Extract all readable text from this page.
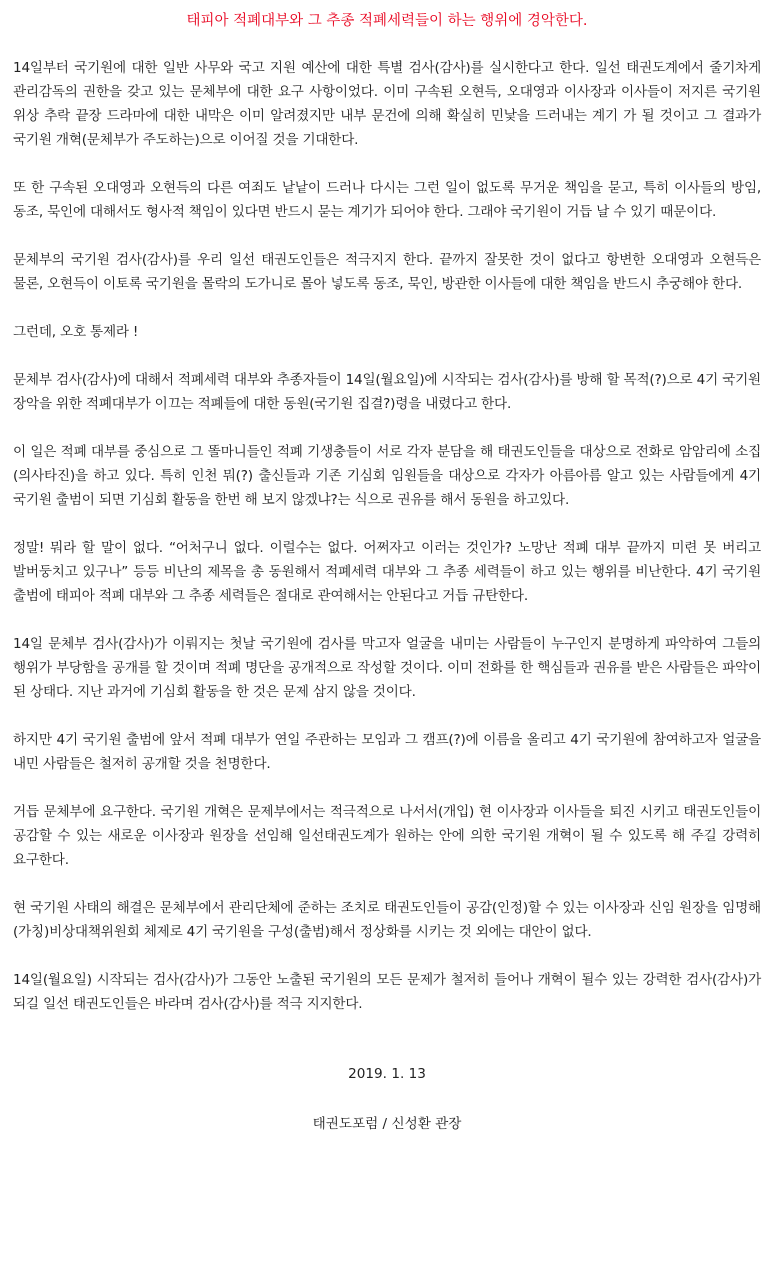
태피아 적폐대부와 그 추종 적폐세력들이 하는 행위에 경악한다.

14일부터 국기원에 대한 일반 사무와 국고 지원 예산에 대한 특별 검사(감사)를 실시한다고 한다. 일선 태권도계에서 줄기차게 관리감독의 권한을 갖고 있는 문체부에 대한 요구 사항이었다. 이미 구속된 오현득, 오대영과 이사장과 이사들이 저지른 국기원 위상 추락 끝장 드라마에 대한 내막은 이미 알려졌지만 내부 문건에 의해 확실히 민낯을 드러내는 계기 가 될 것이고 그 결과가 국기원 개혁(문체부가 주도하는)으로 이어질 것을 기대한다.

또 한 구속된 오대영과 오현득의 다른 여죄도 낱낱이 드러나 다시는 그런 일이 없도록 무거운 책임을 묻고, 특히 이사들의 방임, 동조, 묵인에 대해서도 형사적 책임이 있다면 반드시 묻는 계기가 되어야 한다. 그래야 국기원이 거듭 날 수 있기 때문이다.

문체부의 국기원 검사(감사)를 우리 일선 태권도인들은 적극지지 한다. 끝까지 잘못한 것이 없다고 항변한 오대영과 오현득은 물론, 오현득이 이토록 국기원을 몰락의 도가니로 몰아 넣도록 동조, 묵인, 방관한 이사들에 대한 책임을 반드시 추궁해야 한다.

그런데, 오호 통제라 !

문체부 검사(감사)에 대해서 적폐세력 대부와 추종자들이 14일(월요일)에 시작되는 검사(감사)를 방해 할 목적(?)으로 4기 국기원 장악을 위한 적폐대부가 이끄는 적폐들에 대한 동원(국기원 집결?)령을 내렸다고 한다.

이 일은 적폐 대부를 중심으로 그 똘마니들인 적폐 기생충들이 서로 각자 분담을 해 태권도인들을 대상으로 전화로 암암리에 소집(의사타진)을 하고 있다. 특히 인천 뭐(?) 출신들과 기존 기심회 임원들을 대상으로 각자가 아름아름 알고 있는 사람들에게 4기 국기원 출범이 되면 기심회 활동을 한번 해 보지 않겠냐?는 식으로 권유를 해서 동원을 하고있다.

정말! 뭐라 할 말이 없다. “어처구니 없다. 이럴수는 없다. 어쩌자고 이러는 것인가? 노망난 적폐 대부 끝까지 미련 못 버리고 발버둥치고 있구나” 등등 비난의 제목을 총 동원해서 적폐세력 대부와 그 추종 세력들이 하고 있는 행위를 비난한다. 4기 국기원 출범에 태피아 적폐 대부와 그 추종 세력들은 절대로 관여해서는 안된다고 거듭 규탄한다.

14일 문체부 검사(감사)가 이뤄지는 첫날 국기원에 검사를 막고자 얼굴을 내미는 사람들이 누구인지 분명하게 파악하여 그들의 행위가 부당함을 공개를 할 것이며 적폐 명단을 공개적으로 작성할 것이다. 이미 전화를 한 핵심들과 권유를 받은 사람들은 파악이 된 상태다. 지난 과거에 기심회 활동을 한 것은 문제 삼지 않을 것이다.

하지만 4기 국기원 출범에 앞서 적폐 대부가 연일 주관하는 모임과 그 캠프(?)에 이름을 올리고 4기 국기원에 참여하고자 얼굴을 내민 사람들은 철저히 공개할 것을 천명한다.

거듭 문체부에 요구한다. 국기원 개혁은 문제부에서는 적극적으로 나서서(개입) 현 이사장과 이사들을 퇴진 시키고 태권도인들이 공감할 수 있는 새로운 이사장과 원장을 선임해 일선태권도계가 원하는 안에 의한 국기원 개혁이 될 수 있도록 해 주길 강력히 요구한다.

현 국기원 사태의 해결은 문체부에서 관리단체에 준하는 조치로 태권도인들이 공감(인정)할 수 있는 이사장과 신임 원장을 임명해 (가칭)비상대책위원회 체제로 4기 국기원을 구성(출범)해서 정상화를 시키는 것 외에는 대안이 없다.

14일(월요일) 시작되는 검사(감사)가 그동안 노출된 국기원의 모든 문제가 철저히 들어나 개혁이 될수 있는 강력한 검사(감사)가 되길 일선 태권도인들은 바라며 검사(감사)를 적극 지지한다.

2019. 1. 13
태권도포럼 / 신성환 관장
